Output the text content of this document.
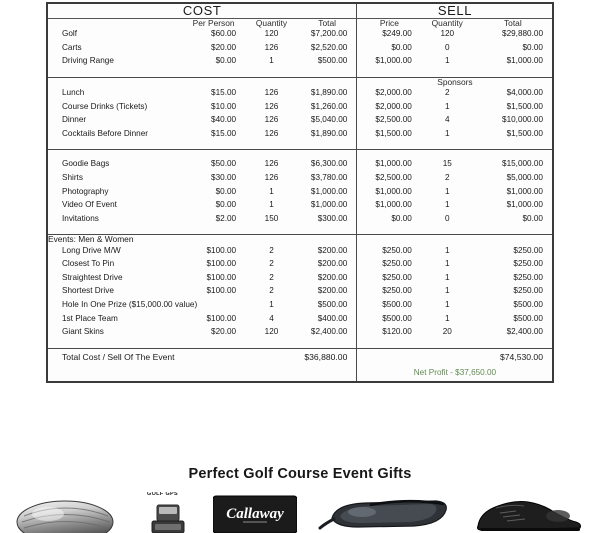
COST				SELL		
	Per Person	Quantity	Total		Price	Quantity	Total
Golf	$60.00	120	$7,200.00		$249.00	120	$29,880.00
Carts	$20.00	126	$2,520.00		$0.00	0	$0.00
Driving Range	$0.00	1	$500.00		$1,000.00	1	$1,000.00

				Sponsors		
Lunch	$15.00	126	$1,890.00		$2,000.00	2	$4,000.00
Course Drinks (Tickets)	$10.00	126	$1,260.00		$2,000.00	1	$1,500.00
Dinner	$40.00	126	$5,040.00		$2,500.00	4	$10,000.00
Cocktails Before Dinner	$15.00	126	$1,890.00		$1,500.00	1	$1,500.00

Goodie Bags	$50.00	126	$6,300.00		$1,000.00	15	$15,000.00
Shirts	$30.00	126	$3,780.00		$2,500.00	2	$5,000.00
Photography	$0.00	1	$1,000.00		$1,000.00	1	$1,000.00
Video Of Event	$0.00	1	$1,000.00		$1,000.00	1	$1,000.00
Invitations	$2.00	150	$300.00		$0.00	0	$0.00

Events: Men & Women						
Long Drive M/W	$100.00	2	$200.00		$250.00	1	$250.00
Closest To Pin	$100.00	2	$200.00		$250.00	1	$250.00
Straightest Drive	$100.00	2	$200.00		$250.00	1	$250.00
Shortest Drive	$100.00	2	$200.00		$250.00	1	$250.00
Hole In One Prize ($15,000.00 value)		1	$500.00		$500.00	1	$500.00
1st Place Team	$100.00	4	$400.00		$500.00	1	$500.00
Giant Skins	$20.00	120	$2,400.00		$120.00	20	$2,400.00

Total Cost / Sell Of The Event			$36,880.00			$74,530.00
				Net Profit - $37,650.00		
Perfect Golf Course Event Gifts
GOLF GPS
Callaway
